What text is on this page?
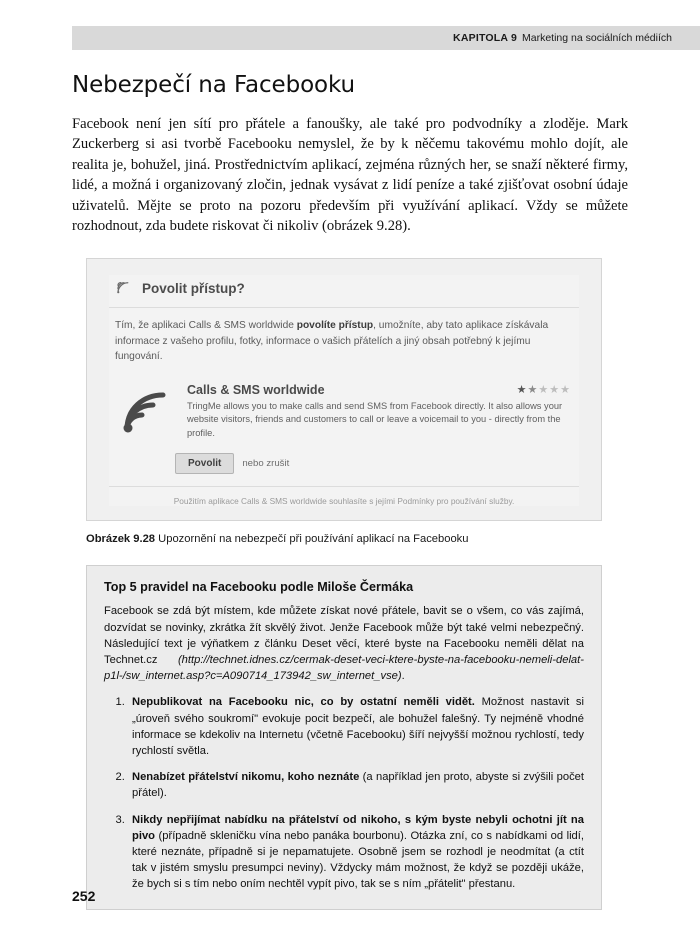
KAPITOLA 9 Marketing na sociálních médiích
Nebezpečí na Facebooku

Facebook není jen sítí pro přátele a fanoušky, ale také pro podvodníky a zloděje. Mark Zuckerberg si asi tvorbě Facebooku nemyslel, že by k něčemu takovému mohlo dojít, ale realita je, bohužel, jiná. Prostřednictvím aplikací, zejména různých her, se snaží některé firmy, lidé, a možná i organizovaný zločin, jednak vysávat z lidí peníze a také zjišťovat osobní údaje uživatelů. Mějte se proto na pozoru především při využívání aplikací. Vždy se můžete rozhodnout, zda budete riskovat či nikoliv (obrázek 9.28).

Povolit přístup?

Tím, že aplikaci Calls & SMS worldwide povolíte přístup, umožníte, aby tato aplikace získávala informace z vašeho profilu, fotky, informace o vašich přátelích a jiný obsah potřebný k jejímu fungování.

Calls & SMS worldwide	★★★★★

TringMe allows you to make calls and send SMS from Facebook directly. It also allows your website visitors, friends and customers to call or leave a voicemail to you - directly from the profile.

Povolit	nebo zrušit
Použitím aplikace Calls & SMS worldwide souhlasíte s jejími Podmínky pro používání služby.
Obrázek 9.28 Upozornění na nebezpečí při používání aplikací na Facebooku
Top 5 pravidel na Facebooku podle Miloše Čermáka

Facebook se zdá být místem, kde můžete získat nové přátele, bavit se o všem, co vás zajímá, dozvídat se novinky, zkrátka žít skvělý život. Jenže Facebook může být také velmi nebezpečný. Následující text je výňatkem z článku Deset věcí, které byste na Facebooku neměli dělat na Technet.cz (http://technet.idnes.cz/cermak-deset-veci-ktere-byste-na-facebooku-nemeli-delat-p1l-/sw_internet.asp?c=A090714_173942_sw_internet_vse).

1. Nepublikovat na Facebooku nic, co by ostatní neměli vidět. Možnost nastavit si „úroveň svého soukromí" evokuje pocit bezpečí, ale bohužel falešný. Ty nejméně vhodné informace se kdekoliv na Internetu (včetně Facebooku) šíří nejvyšší možnou rychlostí, tedy rychlostí světla.
2. Nenabízet přátelství nikomu, koho neznáte (a například jen proto, abyste si zvýšili počet přátel).
3. Nikdy nepřijímat nabídku na přátelství od nikoho, s kým byste nebyli ochotni jít na pivo (případně skleničku vína nebo panáka bourbonu). Otázka zní, co s nabídkami od lidí, které neznáte, případně si je nepamatujete. Osobně jsem se rozhodl je neodmítat (a ctít tak v jistém smyslu presumpci neviny). Vždycky mám možnost, že když se později ukáže, že bych si s tím nebo oním nechtěl vypít pivo, tak se s ním „přátelit" přestanu.
252
